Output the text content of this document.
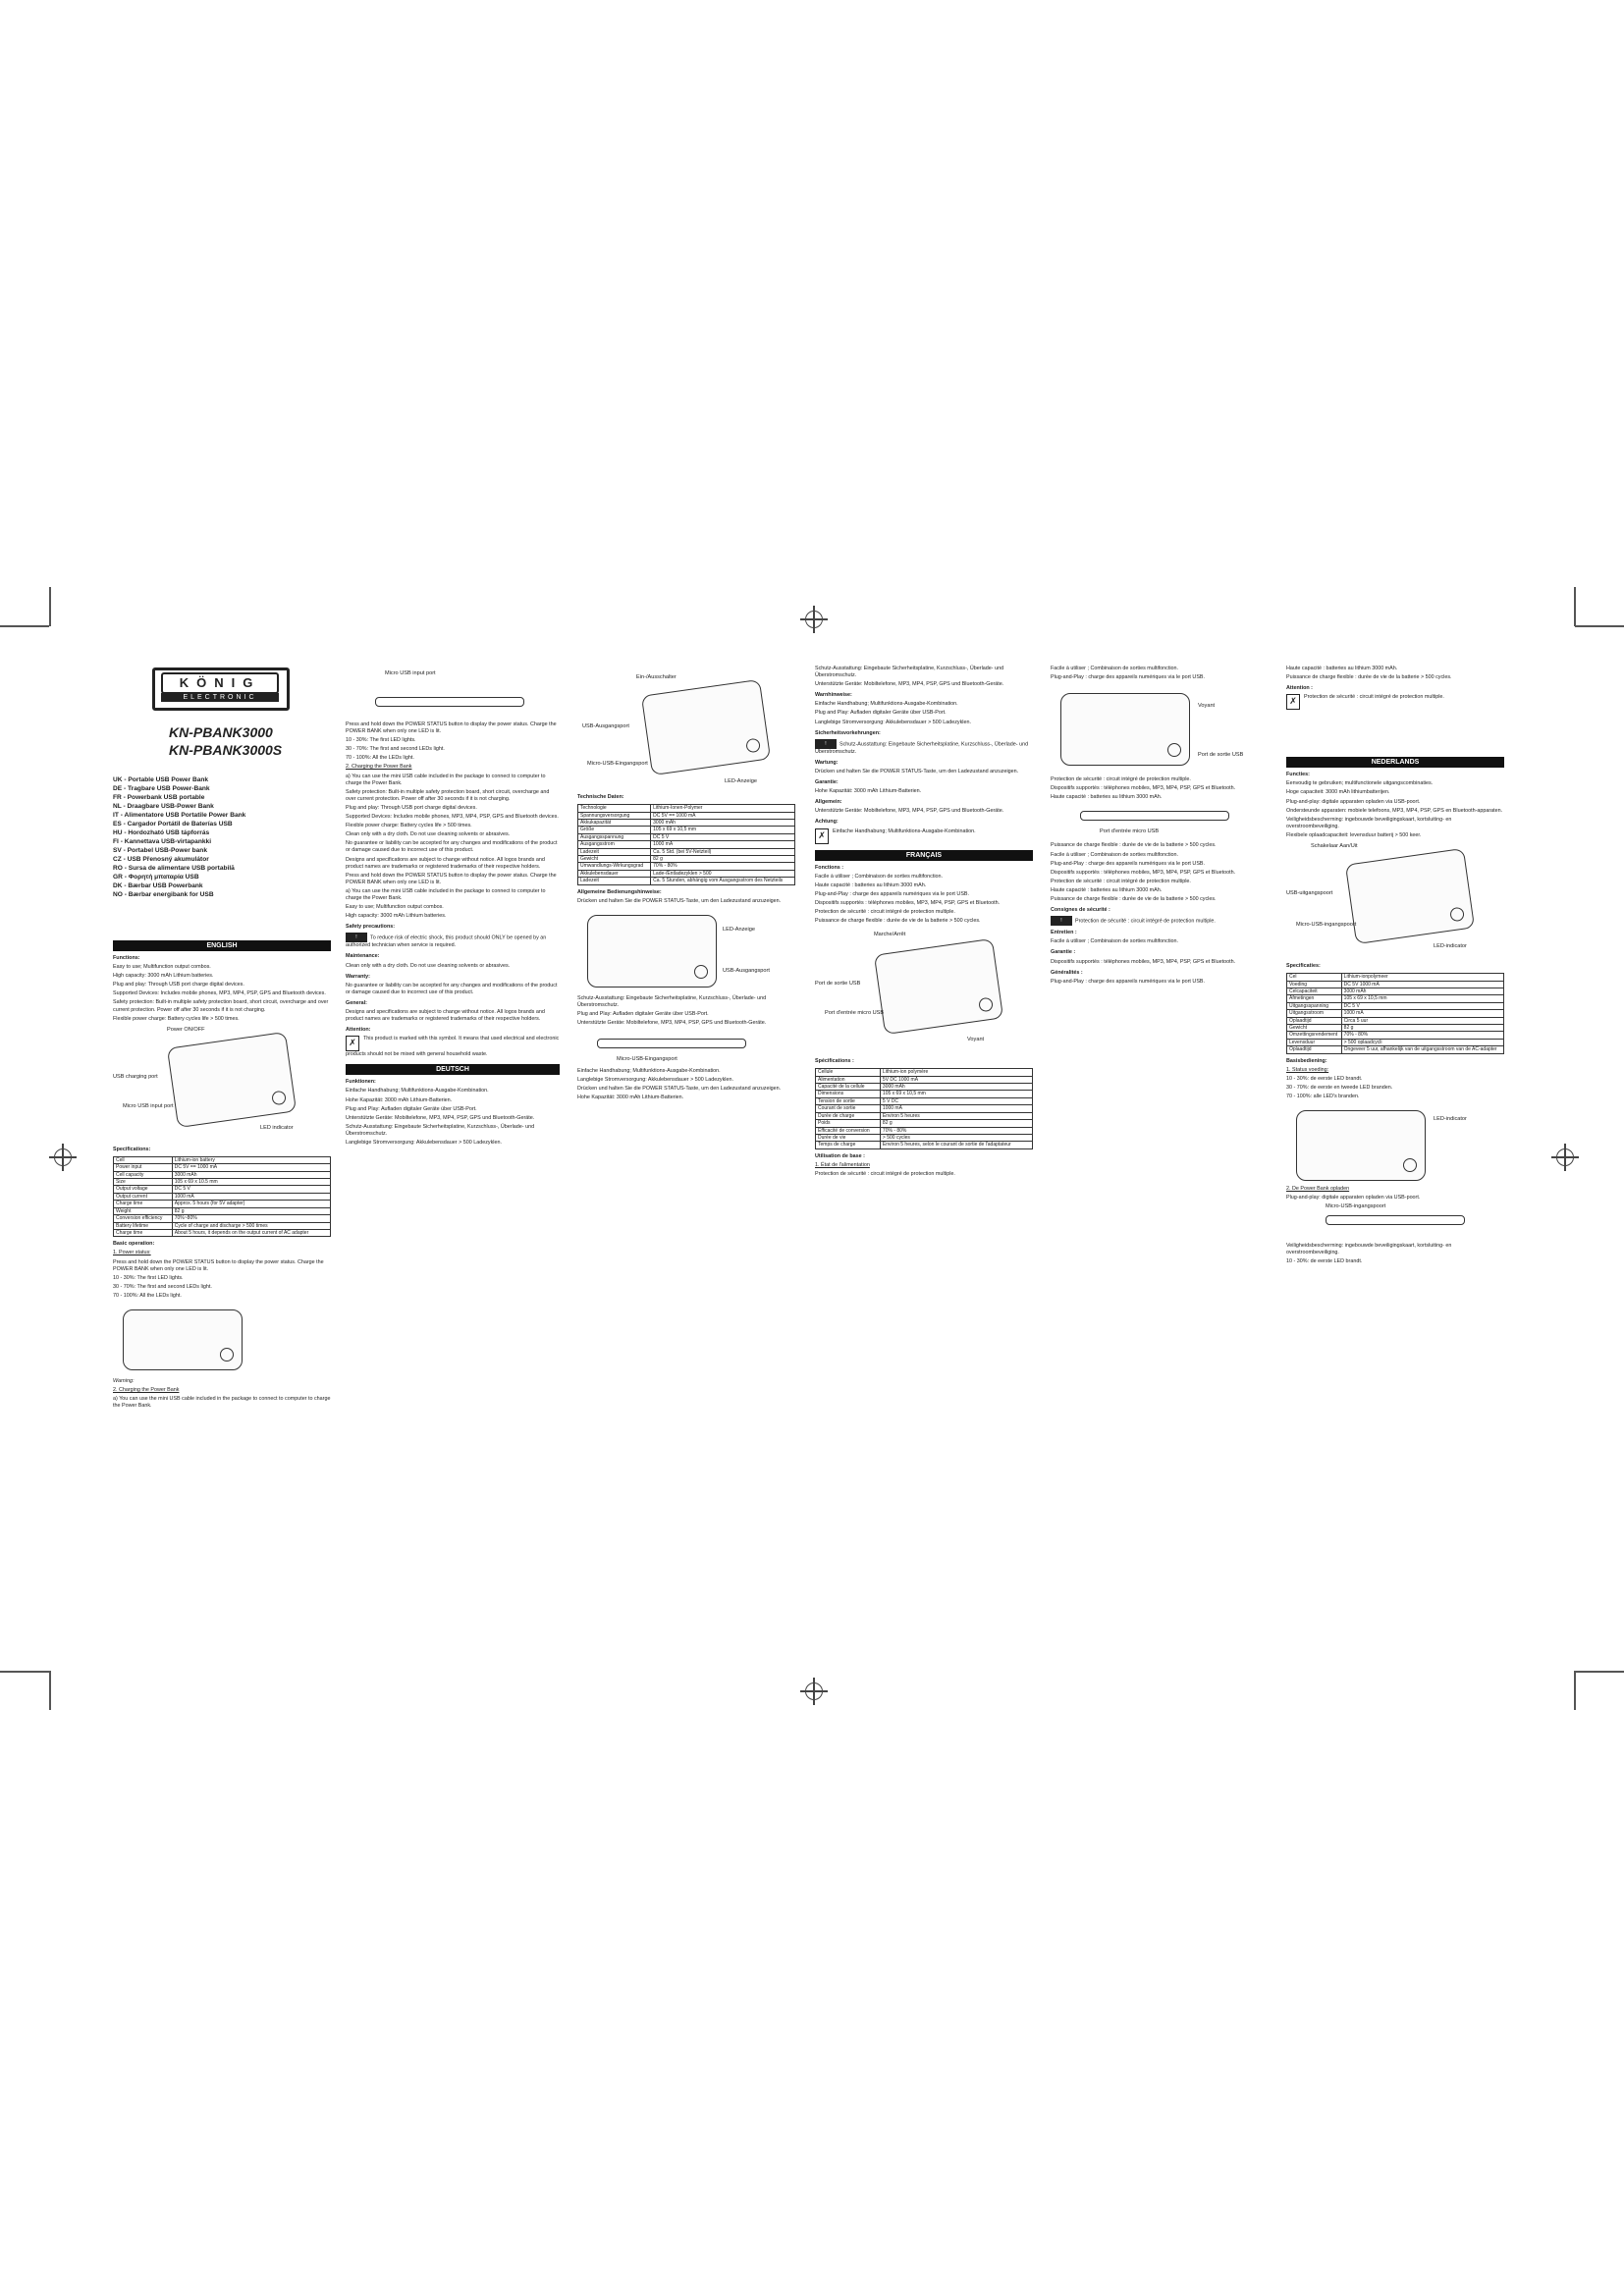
KÖNIG
ELECTRONIC
KN-PBANK3000
KN-PBANK3000S
UK - Portable USB Power Bank
DE - Tragbare USB Power-Bank
FR - Powerbank USB portable
NL - Draagbare USB-Power Bank
IT - Alimentatore USB Portatile Power Bank
ES - Cargador Portátil de Baterías USB
HU - Hordozható USB tápforrás
FI - Kannettava USB-virtapankki
SV - Portabel USB-Power bank
CZ - USB Přenosný akumulátor
RO - Sursa de alimentare USB portabilă
GR - Φορητή μπαταρία USB
DK - Bærbar USB Powerbank
NO - Bærbar energibank for USB
ENGLISH

Functions:

Easy to use; Multifunction output combos.

High capacity: 3000 mAh Lithium batteries.

Plug and play: Through USB port charge digital devices.

Supported Devices: Includes mobile phones, MP3, MP4, PSP, GPS and Bluetooth devices.

Safety protection: Built-in multiple safety protection board, short circuit, overcharge and over current protection. Power off after 30 seconds if it is not charging.

Flexible power charge: Battery cycles life > 500 times.

Power ON/OFF
USB charging port
Micro USB input port
LED indicator

Specifications:

Cell	Lithium-ion battery
Power input	DC 5V == 1000 mA
Cell capacity	3000 mAh
Size	105 x 69 x 10.5 mm
Output voltage	DC 5 V
Output current	1000 mA
Charge time	Approx. 5 hours (for 5V adapter)
Weight	82 g
Conversion efficiency	70%~80%
Battery lifetime	Cycle of charge and discharge > 500 times
Charge time	About 5 hours, it depends on the output current of AC adapter

Basic operation:

1. Power status:

Press and hold down the POWER STATUS button to display the power status. Charge the POWER BANK when only one LED is lit.

10 - 30%: The first LED lights.

30 - 70%: The first and second LEDs light.

70 - 100%: All the LEDs light.

Warning:

2. Charging the Power Bank

a) You can use the mini USB cable included in the package to connect to computer to charge the Power Bank.

Micro USB input port

Press and hold down the POWER STATUS button to display the power status. Charge the POWER BANK when only one LED is lit.

10 - 30%: The first LED lights.

30 - 70%: The first and second LEDs light.

70 - 100%: All the LEDs light.

2. Charging the Power Bank

a) You can use the mini USB cable included in the package to connect to computer to charge the Power Bank.

Safety protection: Built-in multiple safety protection board, short circuit, overcharge and over current protection. Power off after 30 seconds if it is not charging.

Plug and play: Through USB port charge digital devices.

Supported Devices: Includes mobile phones, MP3, MP4, PSP, GPS and Bluetooth devices.

Flexible power charge: Battery cycles life > 500 times.

Clean only with a dry cloth. Do not use cleaning solvents or abrasives.

No guarantee or liability can be accepted for any changes and modifications of the product or damage caused due to incorrect use of this product.

Designs and specifications are subject to change without notice. All logos brands and product names are trademarks or registered trademarks of their respective holders.

Press and hold down the POWER STATUS button to display the power status. Charge the POWER BANK when only one LED is lit.

a) You can use the mini USB cable included in the package to connect to computer to charge the Power Bank.

Easy to use; Multifunction output combos.

High capacity: 3000 mAh Lithium batteries.

Safety precautions:

! To reduce risk of electric shock, this product should ONLY be opened by an authorized technician when service is required.

Maintenance:

Clean only with a dry cloth. Do not use cleaning solvents or abrasives.

Warranty:

No guarantee or liability can be accepted for any changes and modifications of the product or damage caused due to incorrect use of this product.

General:

Designs and specifications are subject to change without notice. All logos brands and product names are trademarks or registered trademarks of their respective holders.

Attention:

✗ This product is marked with this symbol. It means that used electrical and electronic products should not be mixed with general household waste.

DEUTSCH

Funktionen:

Einfache Handhabung; Multifunktions-Ausgabe-Kombination.

Hohe Kapazität: 3000 mAh Lithium-Batterien.

Plug and Play: Aufladen digitaler Geräte über USB-Port.

Unterstützte Geräte: Mobiltelefone, MP3, MP4, PSP, GPS und Bluetooth-Geräte.

Schutz-Ausstattung: Eingebaute Sicherheitsplatine, Kurzschluss-, Überlade- und Überstromschutz.

Langlebige Stromversorgung: Akkulebensdauer > 500 Ladezyklen.

Ein-/Ausschalter
USB-Ausgangsport
Micro-USB-Eingangsport
LED-Anzeige

Technische Daten:

Technologie	Lithium-Ionen-Polymer
Spannungsversorgung	DC 5V == 1000 mA
Akkukapazität	3000 mAh
Größe	105 x 69 x 10,5 mm
Ausgangsspannung	DC 5 V
Ausgangsstrom	1000 mA
Ladezeit	Ca. 5 Std. (bei 5V-Netzteil)
Gewicht	82 g
Umwandlungs-Wirkungsgrad	70% - 80%
Akkulebensdauer	Lade-/Entladezyklen > 500
Ladezeit	Ca. 5 Stunden, abhängig vom Ausgangsstrom des Netzteils

Allgemeine Bedienungshinweise:

Drücken und halten Sie die POWER STATUS-Taste, um den Ladezustand anzuzeigen.

LED-Anzeige
USB-Ausgangsport

Schutz-Ausstattung: Eingebaute Sicherheitsplatine, Kurzschluss-, Überlade- und Überstromschutz.

Plug and Play: Aufladen digitaler Geräte über USB-Port.

Unterstützte Geräte: Mobiltelefone, MP3, MP4, PSP, GPS und Bluetooth-Geräte.

Micro-USB-Eingangsport

Einfache Handhabung; Multifunktions-Ausgabe-Kombination.

Langlebige Stromversorgung: Akkulebensdauer > 500 Ladezyklen.

Drücken und halten Sie die POWER STATUS-Taste, um den Ladezustand anzuzeigen.

Hohe Kapazität: 3000 mAh Lithium-Batterien.

Schutz-Ausstattung: Eingebaute Sicherheitsplatine, Kurzschluss-, Überlade- und Überstromschutz.

Unterstützte Geräte: Mobiltelefone, MP3, MP4, PSP, GPS und Bluetooth-Geräte.

Warnhinweise:

Einfache Handhabung; Multifunktions-Ausgabe-Kombination.

Plug and Play: Aufladen digitaler Geräte über USB-Port.

Langlebige Stromversorgung: Akkulebensdauer > 500 Ladezyklen.

Sicherheitsvorkehrungen:

! Schutz-Ausstattung: Eingebaute Sicherheitsplatine, Kurzschluss-, Überlade- und Überstromschutz.

Wartung:

Drücken und halten Sie die POWER STATUS-Taste, um den Ladezustand anzuzeigen.

Garantie:

Hohe Kapazität: 3000 mAh Lithium-Batterien.

Allgemein:

Unterstützte Geräte: Mobiltelefone, MP3, MP4, PSP, GPS und Bluetooth-Geräte.

Achtung:

✗ Einfache Handhabung; Multifunktions-Ausgabe-Kombination.

FRANÇAIS

Fonctions :

Facile à utiliser ; Combinaison de sorties multifonction.

Haute capacité : batteries au lithium 3000 mAh.

Plug-and-Play : charge des appareils numériques via le port USB.

Dispositifs supportés : téléphones mobiles, MP3, MP4, PSP, GPS et Bluetooth.

Protection de sécurité : circuit intégré de protection multiple.

Puissance de charge flexible : durée de vie de la batterie > 500 cycles.

Marche/Arrêt
Port de sortie USB
Port d'entrée micro USB
Voyant

Spécifications :

Cellule	Lithium-ion polymère
Alimentation	5V DC 1000 mA
Capacité de la cellule	3000 mAh
Dimensions	105 x 69 x 10,5 mm
Tension de sortie	5 V DC
Courant de sortie	1000 mA
Durée de charge	Environ 5 heures
Poids	82 g
Efficacité de conversion	70% - 80%
Durée de vie	> 500 cycles
Temps de charge	Environ 5 heures, selon le courant de sortie de l'adaptateur

Utilisation de base :

1. État de l'alimentation

Protection de sécurité : circuit intégré de protection multiple.

Facile à utiliser ; Combinaison de sorties multifonction.

Plug-and-Play : charge des appareils numériques via le port USB.

Voyant
Port de sortie USB

Protection de sécurité : circuit intégré de protection multiple.

Dispositifs supportés : téléphones mobiles, MP3, MP4, PSP, GPS et Bluetooth.

Haute capacité : batteries au lithium 3000 mAh.

Port d'entrée micro USB

Puissance de charge flexible : durée de vie de la batterie > 500 cycles.

Facile à utiliser ; Combinaison de sorties multifonction.

Plug-and-Play : charge des appareils numériques via le port USB.

Dispositifs supportés : téléphones mobiles, MP3, MP4, PSP, GPS et Bluetooth.

Protection de sécurité : circuit intégré de protection multiple.

Haute capacité : batteries au lithium 3000 mAh.

Puissance de charge flexible : durée de vie de la batterie > 500 cycles.

Consignes de sécurité :

! Protection de sécurité : circuit intégré de protection multiple.

Entretien :

Facile à utiliser ; Combinaison de sorties multifonction.

Garantie :

Dispositifs supportés : téléphones mobiles, MP3, MP4, PSP, GPS et Bluetooth.

Généralités :

Plug-and-Play : charge des appareils numériques via le port USB.

Haute capacité : batteries au lithium 3000 mAh.

Puissance de charge flexible : durée de vie de la batterie > 500 cycles.

Attention :

✗ Protection de sécurité : circuit intégré de protection multiple.

NEDERLANDS

Functies:

Eenvoudig te gebruiken; multifunctionele uitgangscombinaties.

Hoge capaciteit: 3000 mAh lithiumbatterijen.

Plug-and-play: digitale apparaten opladen via USB-poort.

Ondersteunde apparaten: mobiele telefoons, MP3, MP4, PSP, GPS en Bluetooth-apparaten.

Veiligheidsbescherming: ingebouwde beveiligingskaart, kortsluiting- en overstroombeveiliging.

Flexibele oplaadcapaciteit: levensduur batterij > 500 keer.

Schakelaar Aan/Uit
USB-uitgangspoort
Micro-USB-ingangspoort
LED-indicator

Specificaties:

Cel	Lithium-ionpolymeer
Voeding	DC 5V 1000 mA
Celcapaciteit	3000 mAh
Afmetingen	105 x 69 x 10,5 mm
Uitgangsspanning	DC 5 V
Uitgangsstroom	1000 mA
Oplaadtijd	Circa 5 uur
Gewicht	82 g
Omzettingsrendement	70% - 80%
Levensduur	> 500 oplaadcycli
Oplaadtijd	Ongeveer 5 uur, afhankelijk van de uitgangsstroom van de AC-adapter

Basisbediening:

1. Status voeding:

10 - 30%: de eerste LED brandt.

30 - 70%: de eerste en tweede LED branden.

70 - 100%: alle LED's branden.

LED-indicator

2. De Power Bank opladen

Plug-and-play: digitale apparaten opladen via USB-poort.

Micro-USB-ingangspoort

Veiligheidsbescherming: ingebouwde beveiligingskaart, kortsluiting- en overstroombeveiliging.

10 - 30%: de eerste LED brandt.
